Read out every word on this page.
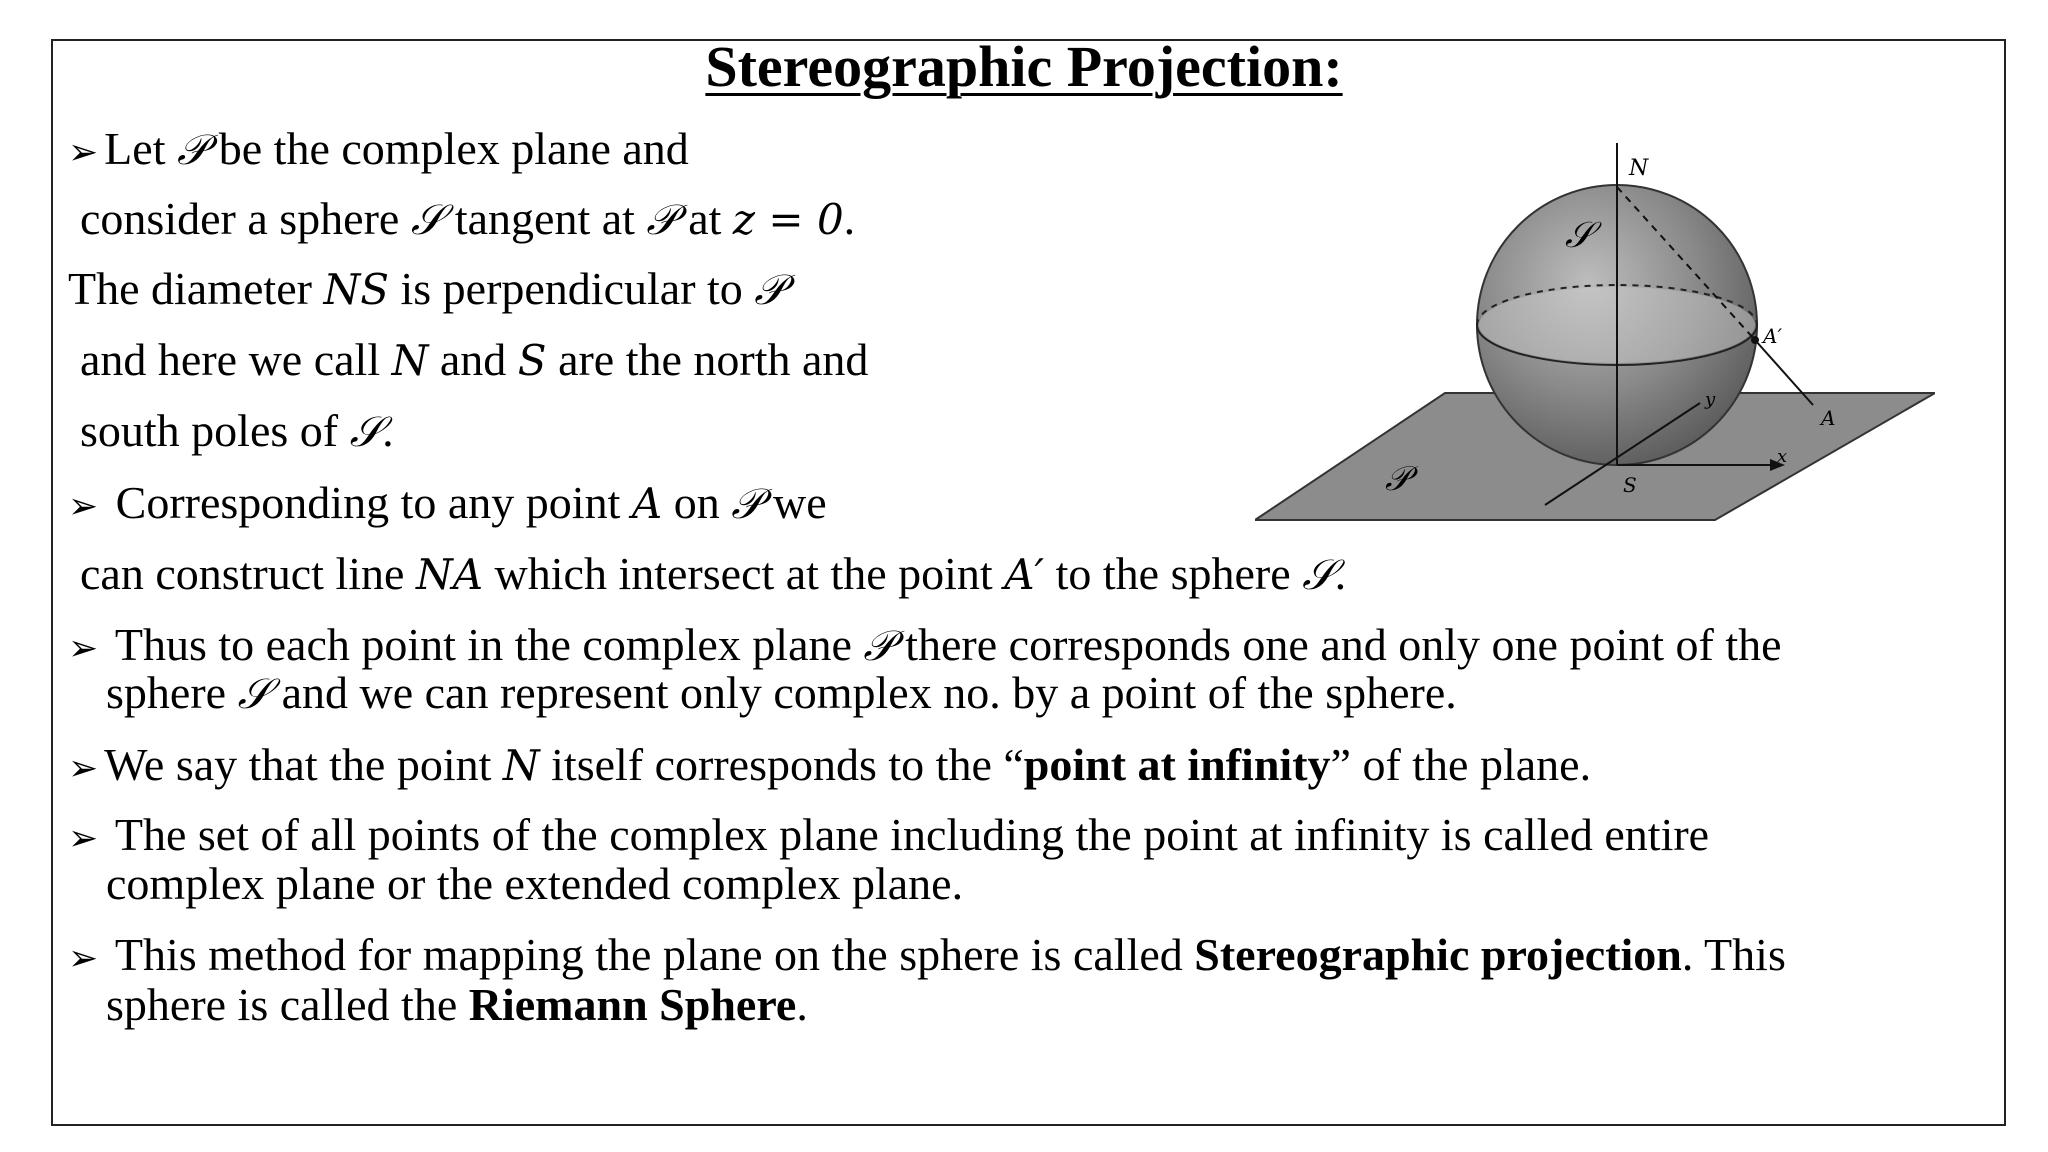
Stereographic Projection:
➢ Let 𝒫 be the complex plane and
consider a sphere 𝒮 tangent at 𝒫 at z = 0.
The diameter NS is perpendicular to 𝒫
and here we call N and S are the north and
south poles of 𝒮.
➢ Corresponding to any point A on 𝒫 we
can construct line NA which intersect at the point A′ to the sphere 𝒮.
➢ Thus to each point in the complex plane 𝒫 there corresponds one and only one point of the
sphere 𝒮 and we can represent only complex no. by a point of the sphere.
➢ We say that the point N itself corresponds to the “point at infinity” of the plane.
➢ The set of all points of the complex plane including the point at infinity is called entire
complex plane or the extended complex plane.
➢ This method for mapping the plane on the sphere is called Stereographic projection. This
sphere is called the Riemann Sphere.
N
𝒮
A′
A
y
x
𝒫	S
